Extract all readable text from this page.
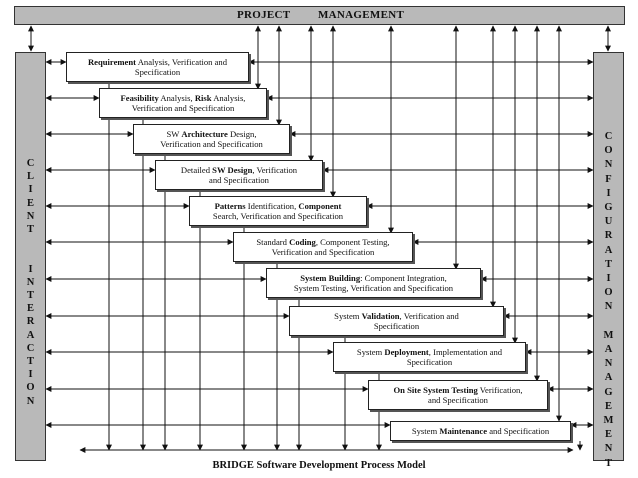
PROJECT	MANAGEMENT
C
L
I
E
N
T
I
N
T
E
R
A
C
T
I
O
N
C
O
N
F
I
G
U
R
A
T
I
O
N
M
A
N
A
G
E
M
E
N
T
Requirement Analysis, Verification and
Specification
Feasibility Analysis, Risk Analysis,
Verification and Specification
SW Architecture Design,
Verification and Specification
Detailed SW Design, Verification
and Specification
Patterns Identification, Component
Search, Verification and Specification
Standard Coding, Component Testing,
Verification and Specification
System Building: Component Integration,
System Testing, Verification and Specification
System Validation, Verification and
Specification
System Deployment, Implementation and
Specification
On Site System Testing Verification,
and Specification
System Maintenance and Specification
BRIDGE Software Development Process Model
